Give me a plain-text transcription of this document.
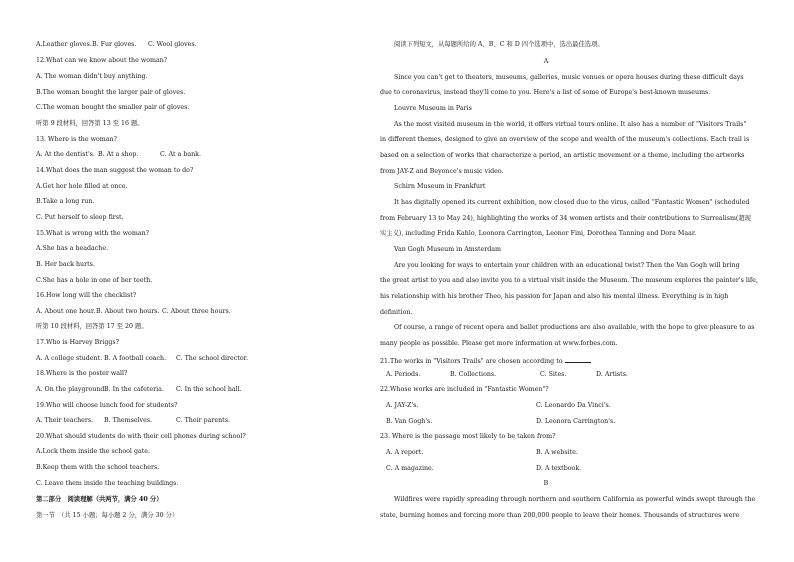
A.Leather gloves.B. Fur gloves. C. Wool gloves.
12.What can we know about the woman?
A. The woman didn't buy anything.
B.The woman bought the larger pair of gloves.
C.The woman bought the smaller pair of gloves.
听第 9 段材料，回答第 13 至 16 题。
13. Where is the woman?
A. At the dentist's. B. At a shop.	C. At a bank.
14.What does the man suggest the woman to do?
A.Get her hole filled at once.
B.Take a long run.
C. Put herself to sleep first.
15.What is wrong with the woman?
A.She has a headache.
B. Her back hurts.
C.She has a hole in one of her teeth.
16.How long will the checklist?
A. About one hour.B. About two hours. C. About three hours.
听第 10 段材料，回答第 17 至 20 题。
17.Who is Harvey Briggs?
A. A college student. B. A football coach. C. The school director.
18.Where is the poster wall?
A. On the playground.B. In the cafeteria. C. In the school hall.
19.Who will choose lunch food for students?
A. Their teachers. B. Themselves.	C. Their parents.
20.What should students do with their cell phones during school?
A.Lock them inside the school gate.
B.Keep them with the school teachers.
C. Leave them inside the teaching buildings.
第二部分　阅读理解（共两节，满分 40 分）
第一节　（共 15 小题；每小题 2 分，满分 30 分）
阅读下列短文，从每题所给的 A、B、C 和 D 四个选项中，选出最佳选项。
A
Since you can't get to theaters, museums, galleries, music venues or opera houses during these difficult days
due to coronavirus, instead they'll come to you. Here's a list of some of Europe's best-known museums.
Louvre Museum in Paris
As the most visited museum in the world, it offers virtual tours online. It also has a number of "Visitors Trails"
in different themes, designed to give an overview of the scope and wealth of the museum's collections. Each trail is
based on a selection of works that characterize a period, an artistic movement or a theme, including the artworks
from JAY-Z and Beyonce's music video.
Schirn Museum in Frankfurt
It has digitally opened its current exhibition, now closed due to the virus, called "Fantastic Women" (scheduled
from February 13 to May 24), highlighting the works of 34 women artists and their contributions to Surrealism(超现
实主义), including Frida Kahlo, Leonora Carrington, Leonor Fini, Dorothea Tanning and Dora Maar.
Van Gogh Museum in Amsterdam
Are you looking for ways to entertain your children with an educational twist? Then the Van Gogh will bring
the great artist to you and also invite you to a virtual visit inside the Museum. The museum explores the painter's life,
his relationship with his brother Theo, his passion for Japan and also his mental illness. Everything is in high
definition.
Of course, a range of recent opera and ballet productions are also available, with the hope to give pleasure to as
many people as possible. Please get more information at www.forbes.com.
21.The works in "Visitors Trails" are chosen according to
A. Periods.	B. Collections.	C. Sites.	D. Artists.
22.Whose works are included in "Fantastic Women"?
A. JAY-Z's.	C. Leonardo Da Vinci's.
B. Van Gogh's.	D. Leonora Carrington's.
23. Where is the passage most likely to be taken from?
A. A report.	B. A website.
C. A magazine.	D. A textbook.
B
Wildfires were rapidly spreading through northern and southern California as powerful winds swept through the
state, burning homes and forcing more than 200,000 people to leave their homes. Thousands of structures were
